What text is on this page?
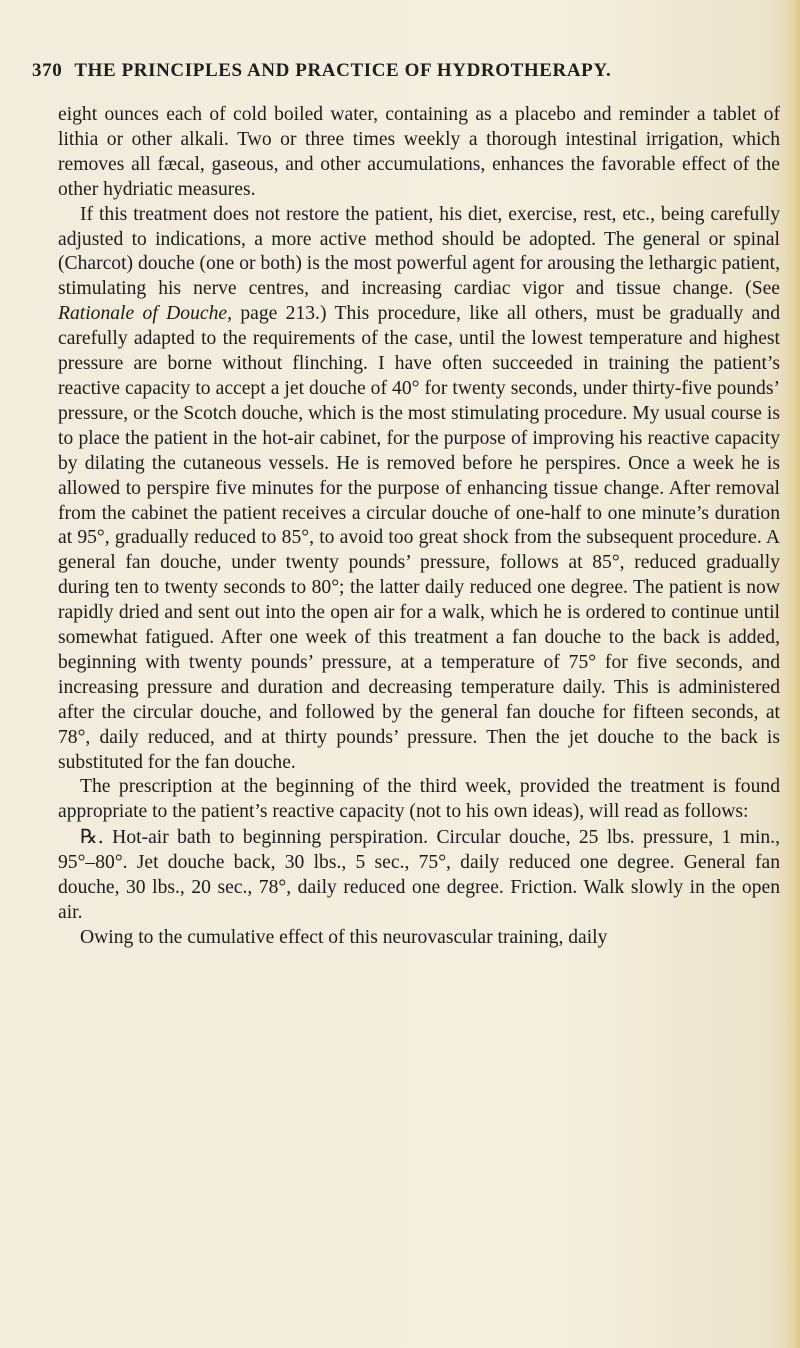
370 THE PRINCIPLES AND PRACTICE OF HYDROTHERAPY.

eight ounces each of cold boiled water, containing as a placebo and reminder a tablet of lithia or other alkali. Two or three times weekly a thorough intestinal irrigation, which removes all fæcal, gaseous, and other accumulations, enhances the favorable effect of the other hydriatic measures.

If this treatment does not restore the patient, his diet, exercise, rest, etc., being carefully adjusted to indications, a more active method should be adopted. The general or spinal (Charcot) douche (one or both) is the most powerful agent for arousing the lethargic patient, stimulating his nerve centres, and increasing cardiac vigor and tissue change. (See Rationale of Douche, page 213.) This procedure, like all others, must be gradually and carefully adapted to the requirements of the case, until the lowest temperature and highest pressure are borne without flinching. I have often succeeded in training the patient’s reactive capacity to accept a jet douche of 40° for twenty seconds, under thirty-five pounds’ pressure, or the Scotch douche, which is the most stimulating procedure. My usual course is to place the patient in the hot-air cabinet, for the purpose of improving his reactive capacity by dilating the cutaneous vessels. He is removed before he perspires. Once a week he is allowed to perspire five minutes for the purpose of enhancing tissue change. After removal from the cabinet the patient receives a circular douche of one-half to one minute’s duration at 95°, gradually reduced to 85°, to avoid too great shock from the subsequent procedure. A general fan douche, under twenty pounds’ pressure, follows at 85°, reduced gradually during ten to twenty seconds to 80°; the latter daily reduced one degree. The patient is now rapidly dried and sent out into the open air for a walk, which he is ordered to continue until somewhat fatigued. After one week of this treatment a fan douche to the back is added, beginning with twenty pounds’ pressure, at a temperature of 75° for five seconds, and increasing pressure and duration and decreasing temperature daily. This is administered after the circular douche, and followed by the general fan douche for fifteen seconds, at 78°, daily reduced, and at thirty pounds’ pressure. Then the jet douche to the back is substituted for the fan douche.

The prescription at the beginning of the third week, provided the treatment is found appropriate to the patient’s reactive capacity (not to his own ideas), will read as follows:

℞. Hot-air bath to beginning perspiration. Circular douche, 25 lbs. pressure, 1 min., 95°–80°. Jet douche back, 30 lbs., 5 sec., 75°, daily reduced one degree. General fan douche, 30 lbs., 20 sec., 78°, daily reduced one degree. Friction. Walk slowly in the open air.

Owing to the cumulative effect of this neurovascular training, daily
